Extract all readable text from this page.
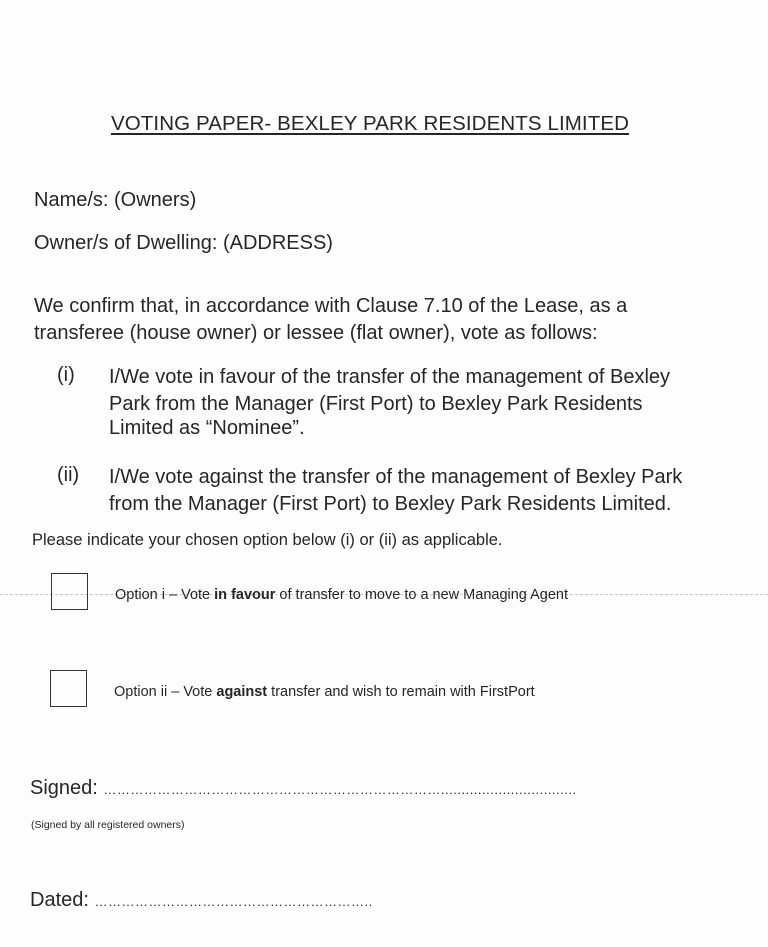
VOTING PAPER- BEXLEY PARK RESIDENTS LIMITED
Name/s: (Owners)
Owner/s of Dwelling: (ADDRESS)
We confirm that, in accordance with Clause 7.10 of the Lease, as a
transferee (house owner) or lessee (flat owner), vote as follows:
(i) I/We vote in favour of the transfer of the management of Bexley
Park from the Manager (First Port) to Bexley Park Residents
Limited as “Nominee”.
(ii) I/We vote against the transfer of the management of Bexley Park
from the Manager (First Port) to Bexley Park Residents Limited.
Please indicate your chosen option below (i) or (ii) as applicable.
Option i – Vote in favour of transfer to move to a new Managing Agent
Option ii – Vote against transfer and wish to remain with FirstPort
Signed: ………………………………………………………………….................................
(Signed by all registered owners)
Dated: ……………………………………………………..
